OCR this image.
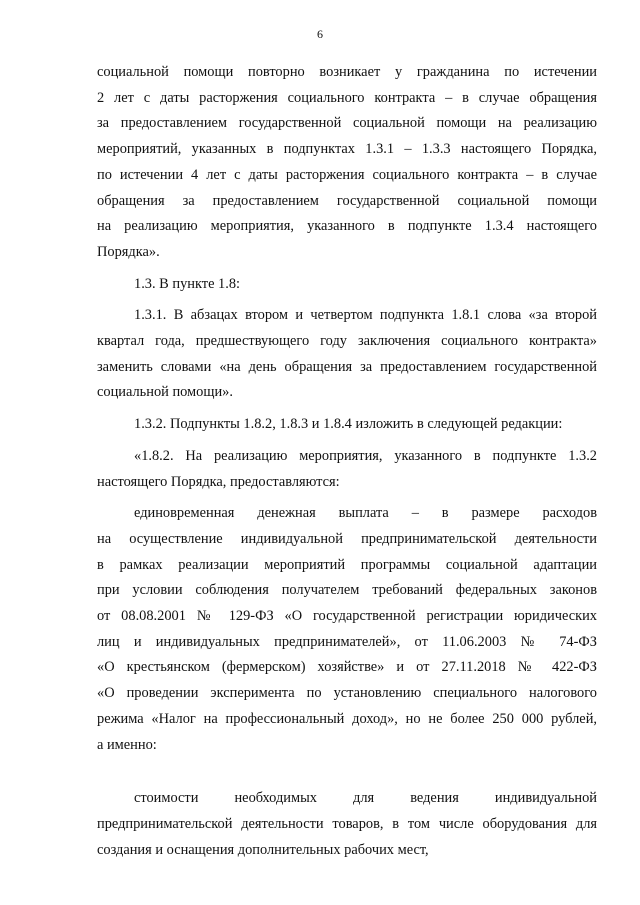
6
социальной помощи повторно возникает у гражданина по истечении
2 лет с даты расторжения социального контракта – в случае обращения
за предоставлением государственной социальной помощи на реализацию
мероприятий, указанных в подпунктах 1.3.1 – 1.3.3 настоящего Порядка,
по истечении 4 лет с даты расторжения социального контракта – в случае
обращения за предоставлением государственной социальной помощи
на реализацию мероприятия, указанного в подпункте 1.3.4 настоящего
Порядка».
1.3. В пункте 1.8:
1.3.1. В абзацах втором и четвертом подпункта 1.8.1 слова «за второй
квартал года, предшествующего году заключения социального контракта»
заменить словами «на день обращения за предоставлением государственной
социальной помощи».
1.3.2. Подпункты 1.8.2, 1.8.3 и 1.8.4 изложить в следующей редакции:
«1.8.2. На реализацию мероприятия, указанного в подпункте 1.3.2
настоящего Порядка, предоставляются:
единовременная денежная выплата – в размере расходов
на осуществление индивидуальной предпринимательской деятельности
в рамках реализации мероприятий программы социальной адаптации
при условии соблюдения получателем требований федеральных законов
от 08.08.2001 № 129-ФЗ «О государственной регистрации юридических
лиц и индивидуальных предпринимателей», от 11.06.2003 № 74-ФЗ
«О крестьянском (фермерском) хозяйстве» и от 27.11.2018 № 422-ФЗ
«О проведении эксперимента по установлению специального налогового
режима «Налог на профессиональный доход», но не более 250 000 рублей,
а именно:
стоимости необходимых для ведения индивидуальной
предпринимательской деятельности товаров, в том числе оборудования для
создания и оснащения дополнительных рабочих мест,
